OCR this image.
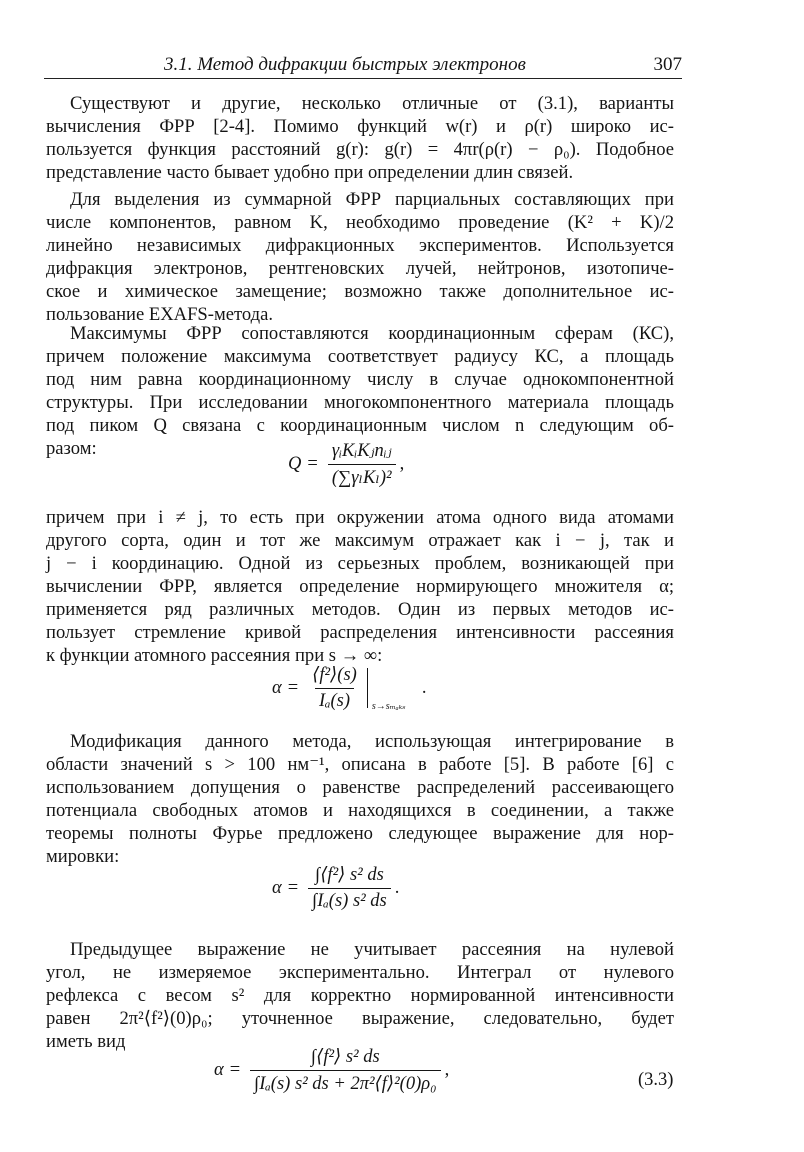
3.1. Метод дифракции быстрых электронов	307
Существуют и другие, несколько отличные от (3.1), варианты
вычисления ФРР [2-4]. Помимо функций w(r) и ρ(r) широко ис-
пользуется функция расстояний g(r): g(r) = 4πr(ρ(r) − ρ₀). Подобное
представление часто бывает удобно при определении длин связей.
Для выделения из суммарной ФРР парциальных составляющих при
числе компонентов, равном K, необходимо проведение (K² + K)/2
линейно независимых дифракционных экспериментов. Используется
дифракция электронов, рентгеновских лучей, нейтронов, изотопиче-
ское и химическое замещение; возможно также дополнительное ис-
пользование EXAFS-метода.
Максимумы ФРР сопоставляются координационным сферам (КС),
причем положение максимума соответствует радиусу КС, а площадь
под ним равна координационному числу в случае однокомпонентной
структуры. При исследовании многокомпонентного материала площадь
под пиком Q связана с координационным числом n следующим об-
разом:
$Q = \frac{\text{γᵢKᵢKⱼnᵢⱼ}}{\text{(∑γₗKₗ)²}}$ ,
причем при i ≠ j, то есть при окружении атома одного вида атомами
другого сорта, один и тот же максимум отражает как i − j, так и
j − i координацию. Одной из серьезных проблем, возникающей при
вычислении ФРР, является определение нормирующего множителя α;
применяется ряд различных методов. Один из первых методов ис-
пользует стремление кривой распределения интенсивности рассеяния
к функции атомного рассеяния при s → ∞:
$\alpha = \frac{\text{⟨f²⟩(s)}}{\text{Iₐ(s)}} s\to s_{maks}$
.
Модификация данного метода, использующая интегрирование в
области значений s > 100 нм⁻¹, описана в работе [5]. В работе [6] с
использованием допущения о равенстве распределений рассеивающего
потенциала свободных атомов и находящихся в соединении, а также
теоремы полноты Фурье предложено следующее выражение для нор-
мировки:
$\alpha = \frac{\text{∫⟨f²⟩ s² ds}}{\text{∫Iₐ(s) s² ds}}$ .
Предыдущее выражение не учитывает рассеяния на нулевой
угол, не измеряемое экспериментально. Интеграл от нулевого
рефлекса с весом s² для корректно нормированной интенсивности
равен 2π²⟨f²⟩(0)ρ₀; уточненное выражение, следовательно, будет
иметь вид
$\alpha = \frac{\text{∫⟨f²⟩ s² ds}}{\text{∫Iₐ(s) s² ds + 2π²⟨f⟩²(0)ρ₀}}$ ,	(3.3)
